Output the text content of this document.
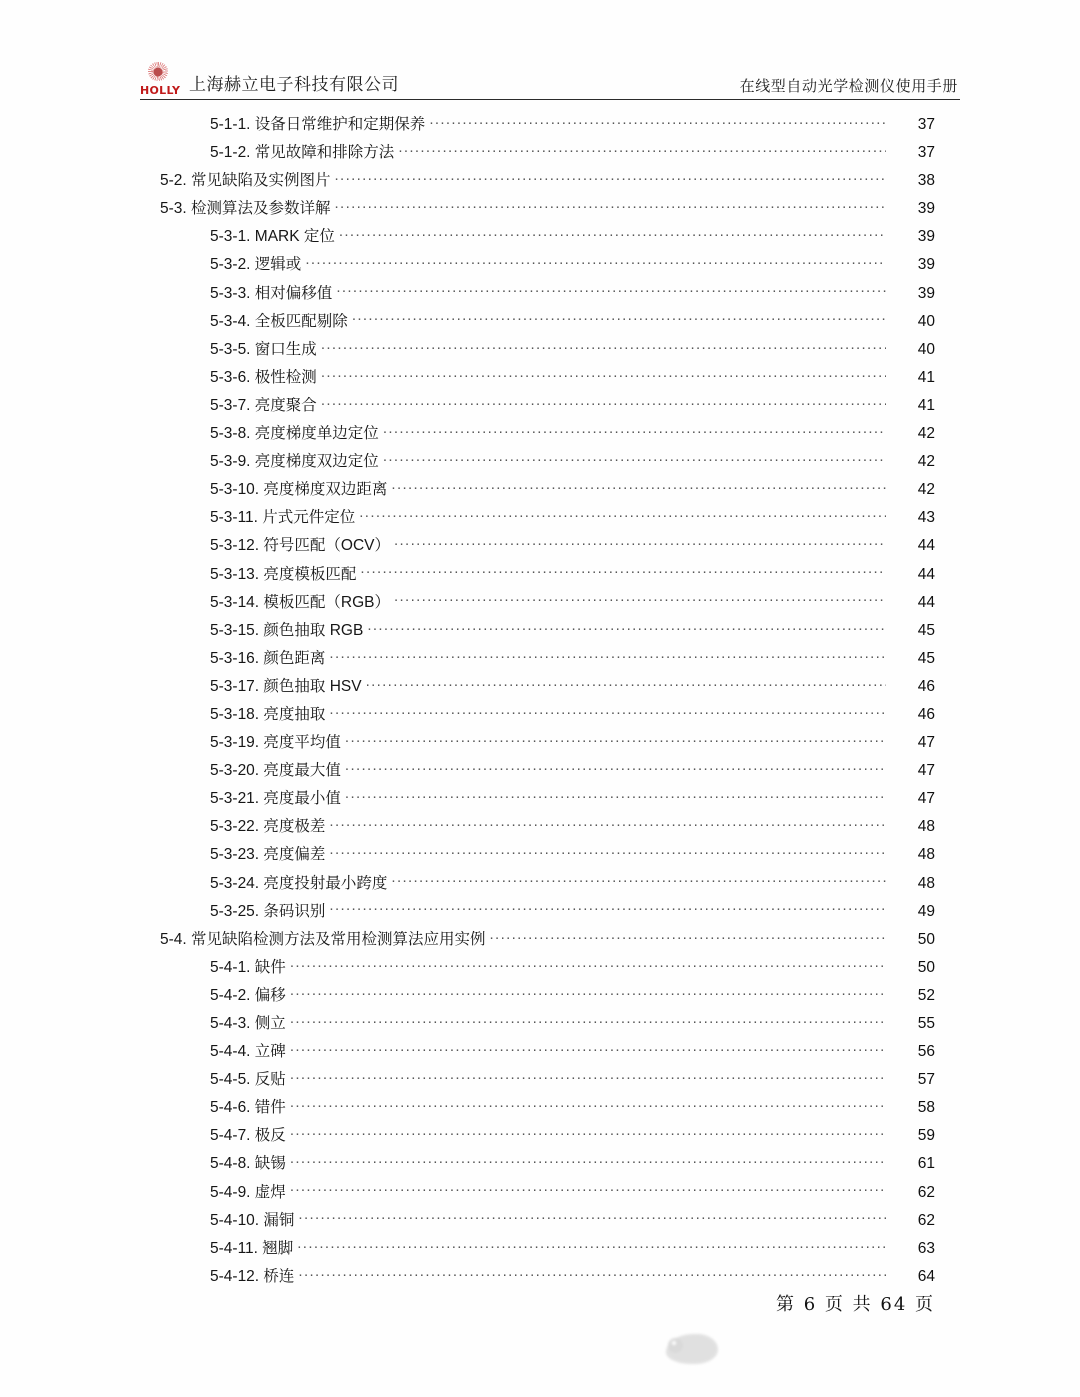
HOLLY 上海赫立电子科技有限公司	在线型自动光学检测仪使用手册
5-1-1. 设备日常维护和定期保养 .....	37
5-1-2. 常见故障和排除方法 .....	37
5-2. 常见缺陷及实例图片 .....	38
5-3. 检测算法及参数详解 .....	39
5-3-1. MARK 定位 .....	39
5-3-2. 逻辑或 .....	39
5-3-3. 相对偏移值 .....	39
5-3-4. 全板匹配剔除 .....	40
5-3-5. 窗口生成 .....	40
5-3-6. 极性检测 .....	41
5-3-7. 亮度聚合 .....	41
5-3-8. 亮度梯度单边定位 .....	42
5-3-9. 亮度梯度双边定位 .....	42
5-3-10. 亮度梯度双边距离 .....	42
5-3-11. 片式元件定位 .....	43
5-3-12. 符号匹配（OCV） .....	44
5-3-13. 亮度模板匹配 .....	44
5-3-14. 模板匹配（RGB） .....	44
5-3-15. 颜色抽取 RGB .....	45
5-3-16. 颜色距离 .....	45
5-3-17. 颜色抽取 HSV .....	46
5-3-18. 亮度抽取 .....	46
5-3-19. 亮度平均值 .....	47
5-3-20. 亮度最大值 .....	47
5-3-21. 亮度最小值 .....	47
5-3-22. 亮度极差 .....	48
5-3-23. 亮度偏差 .....	48
5-3-24. 亮度投射最小跨度 .....	48
5-3-25. 条码识别 .....	49
5-4. 常见缺陷检测方法及常用检测算法应用实例 .....	50
5-4-1. 缺件 .....	50
5-4-2. 偏移 .....	52
5-4-3. 侧立 .....	55
5-4-4. 立碑 .....	56
5-4-5. 反贴 .....	57
5-4-6. 错件 .....	58
5-4-7. 极反 .....	59
5-4-8. 缺锡 .....	61
5-4-9. 虚焊 .....	62
5-4-10. 漏铜 .....	62
5-4-11. 翘脚 .....	63
5-4-12. 桥连 .....	64
第 6 页 共 64 页
